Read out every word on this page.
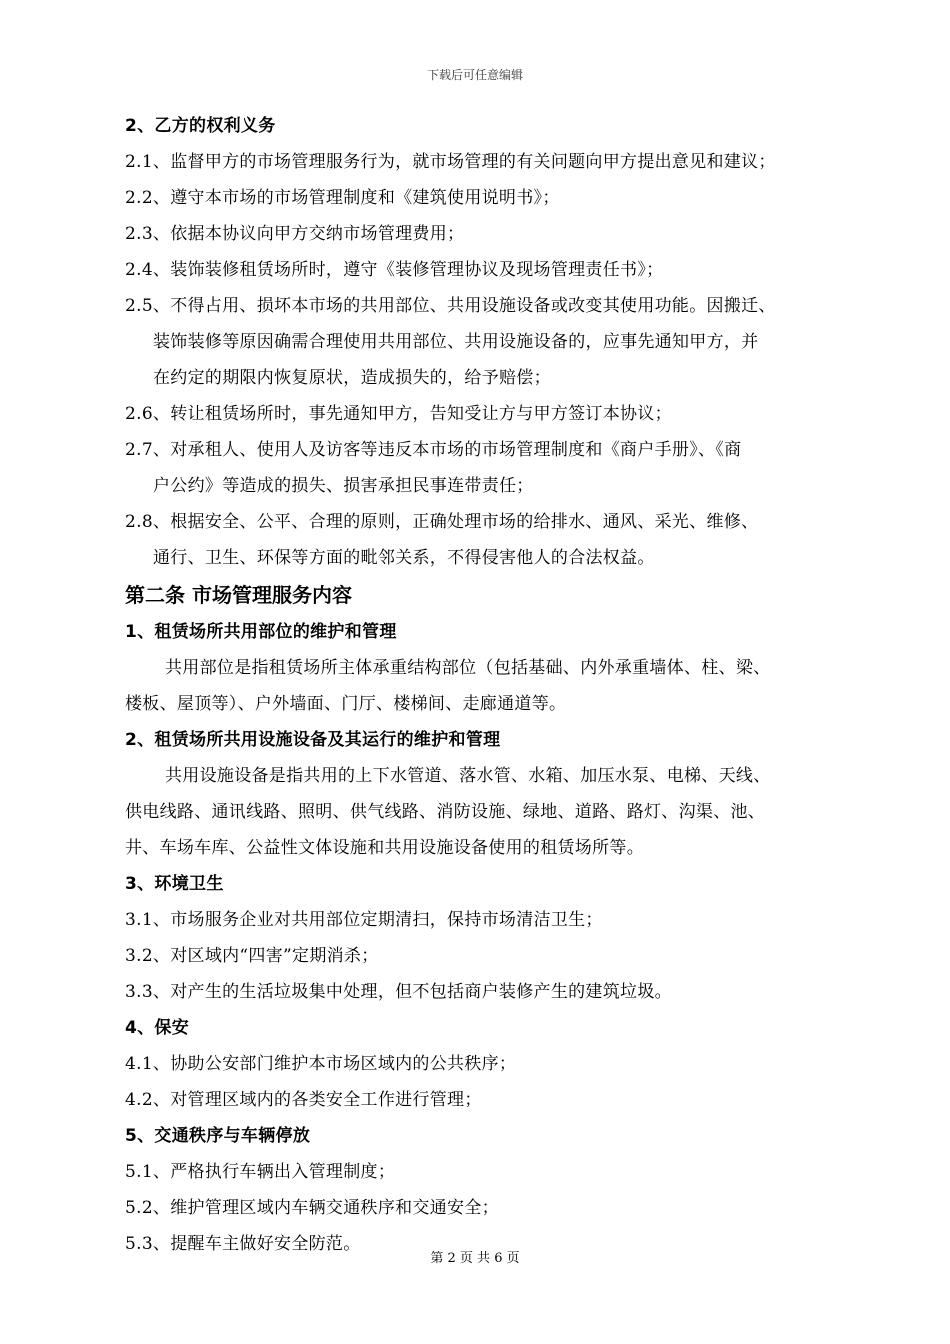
下载后可任意编辑
2、乙方的权利义务
2.1、监督甲方的市场管理服务行为，就市场管理的有关问题向甲方提出意见和建议；
2.2、遵守本市场的市场管理制度和《建筑使用说明书》；
2.3、依据本协议向甲方交纳市场管理费用；
2.4、装饰装修租赁场所时，遵守《装修管理协议及现场管理责任书》；
2.5、不得占用、损坏本市场的共用部位、共用设施设备或改变其使用功能。因搬迁、
装饰装修等原因确需合理使用共用部位、共用设施设备的，应事先通知甲方，并
在约定的期限内恢复原状，造成损失的，给予赔偿；
2.6、转让租赁场所时，事先通知甲方，告知受让方与甲方签订本协议；
2.7、对承租人、使用人及访客等违反本市场的市场管理制度和《商户手册》、《商
户公约》等造成的损失、损害承担民事连带责任；
2.8、根据安全、公平、合理的原则，正确处理市场的给排水、通风、采光、维修、
通行、卫生、环保等方面的毗邻关系，不得侵害他人的合法权益。
第二条 市场管理服务内容
1、租赁场所共用部位的维护和管理
共用部位是指租赁场所主体承重结构部位（包括基础、内外承重墙体、柱、梁、
楼板、屋顶等）、户外墙面、门厅、楼梯间、走廊通道等。
2、租赁场所共用设施设备及其运行的维护和管理
共用设施设备是指共用的上下水管道、落水管、水箱、加压水泵、电梯、天线、
供电线路、通讯线路、照明、供气线路、消防设施、绿地、道路、路灯、沟渠、池、
井、车场车库、公益性文体设施和共用设施设备使用的租赁场所等。
3、环境卫生
3.1、市场服务企业对共用部位定期清扫，保持市场清洁卫生；
3.2、对区域内“四害”定期消杀；
3.3、对产生的生活垃圾集中处理，但不包括商户装修产生的建筑垃圾。
4、保安
4.1、协助公安部门维护本市场区域内的公共秩序；
4.2、对管理区域内的各类安全工作进行管理；
5、交通秩序与车辆停放
5.1、严格执行车辆出入管理制度；
5.2、维护管理区域内车辆交通秩序和交通安全；
5.3、提醒车主做好安全防范。
第 2 页 共 6 页
